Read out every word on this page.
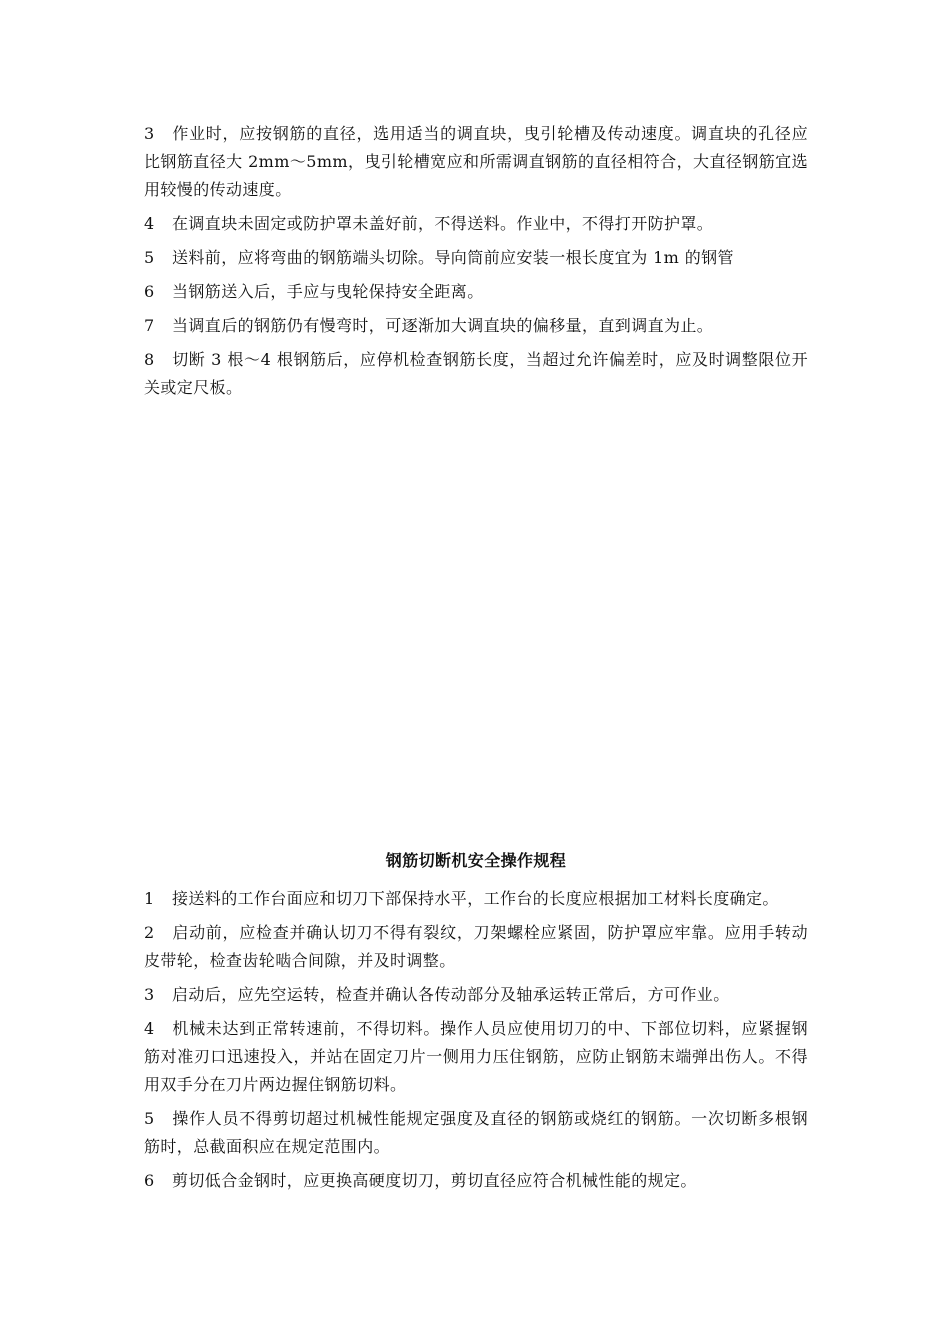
3 作业时，应按钢筋的直径，选用适当的调直块，曳引轮槽及传动速度。调直块的孔径应比钢筋直径大 2mm～5mm，曳引轮槽宽应和所需调直钢筋的直径相符合，大直径钢筋宜选用较慢的传动速度。

4 在调直块未固定或防护罩未盖好前，不得送料。作业中，不得打开防护罩。

5 送料前，应将弯曲的钢筋端头切除。导向筒前应安装一根长度宜为 1m 的钢管

6 当钢筋送入后，手应与曳轮保持安全距离。

7 当调直后的钢筋仍有慢弯时，可逐渐加大调直块的偏移量，直到调直为止。

8 切断 3 根～4 根钢筋后，应停机检查钢筋长度，当超过允许偏差时，应及时调整限位开关或定尺板。

钢筋切断机安全操作规程

1 接送料的工作台面应和切刀下部保持水平，工作台的长度应根据加工材料长度确定。

2 启动前，应检查并确认切刀不得有裂纹，刀架螺栓应紧固，防护罩应牢靠。应用手转动皮带轮，检查齿轮啮合间隙，并及时调整。

3 启动后，应先空运转，检查并确认各传动部分及轴承运转正常后，方可作业。

4 机械未达到正常转速前，不得切料。操作人员应使用切刀的中、下部位切料，应紧握钢筋对准刃口迅速投入，并站在固定刀片一侧用力压住钢筋，应防止钢筋末端弹出伤人。不得用双手分在刀片两边握住钢筋切料。

5 操作人员不得剪切超过机械性能规定强度及直径的钢筋或烧红的钢筋。一次切断多根钢筋时，总截面积应在规定范围内。

6 剪切低合金钢时，应更换高硬度切刀，剪切直径应符合机械性能的规定。
